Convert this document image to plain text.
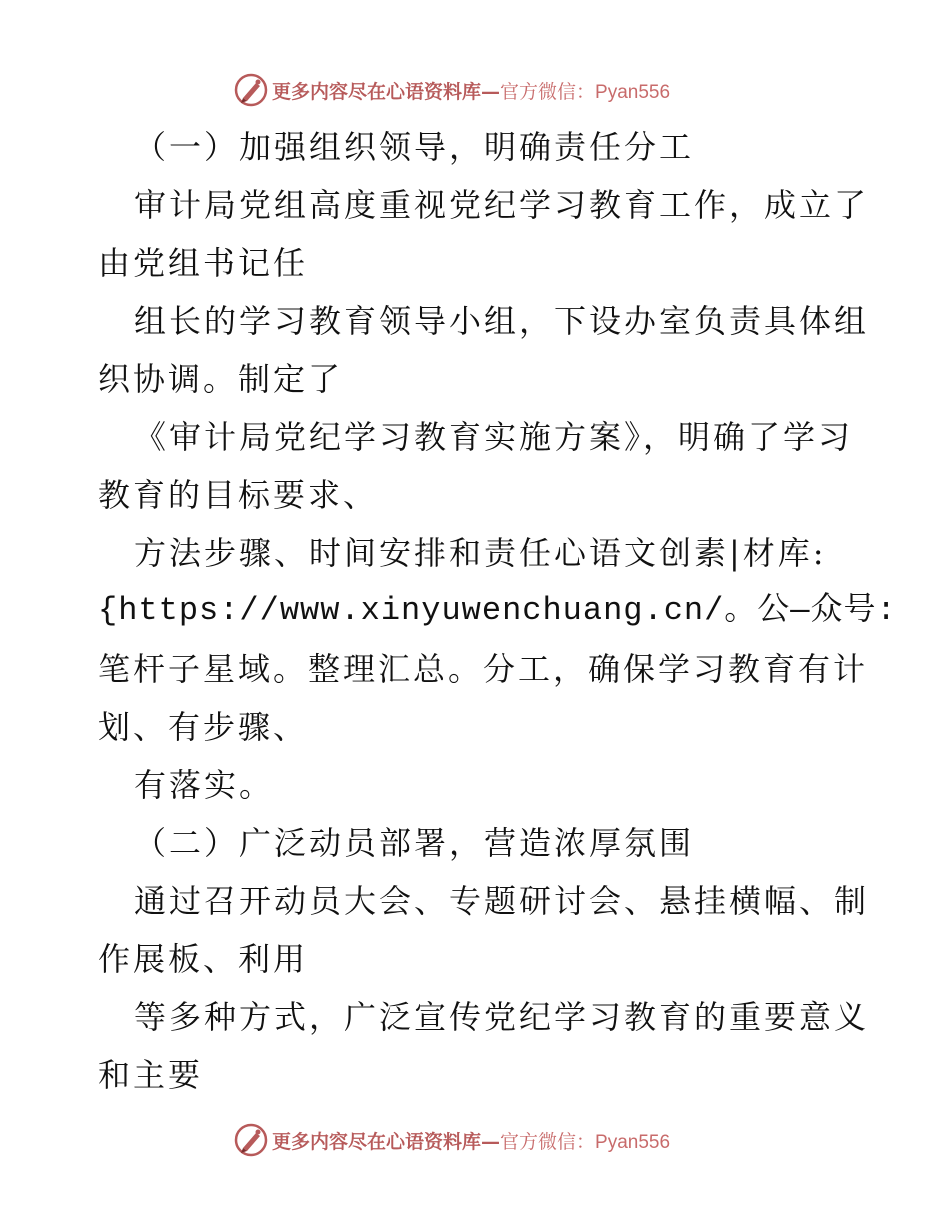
更多内容尽在心语资料库—官方微信：Pyan556
（一）加强组织领导，明确责任分工
审计局党组高度重视党纪学习教育工作，成立了
由党组书记任
组长的学习教育领导小组，下设办室负责具体组
织协调。制定了
《审计局党纪学习教育实施方案》，明确了学习
教育的目标要求、
方法步骤、时间安排和责任心语文创素|材库:
{https://www.xinyuwenchuang.cn/。公—众号:
笔杆子星域。整理汇总。分工，确保学习教育有计
划、有步骤、
有落实。
（二）广泛动员部署，营造浓厚氛围
通过召开动员大会、专题研讨会、悬挂横幅、制
作展板、利用
等多种方式，广泛宣传党纪学习教育的重要意义
和主要
更多内容尽在心语资料库—官方微信：Pyan556
